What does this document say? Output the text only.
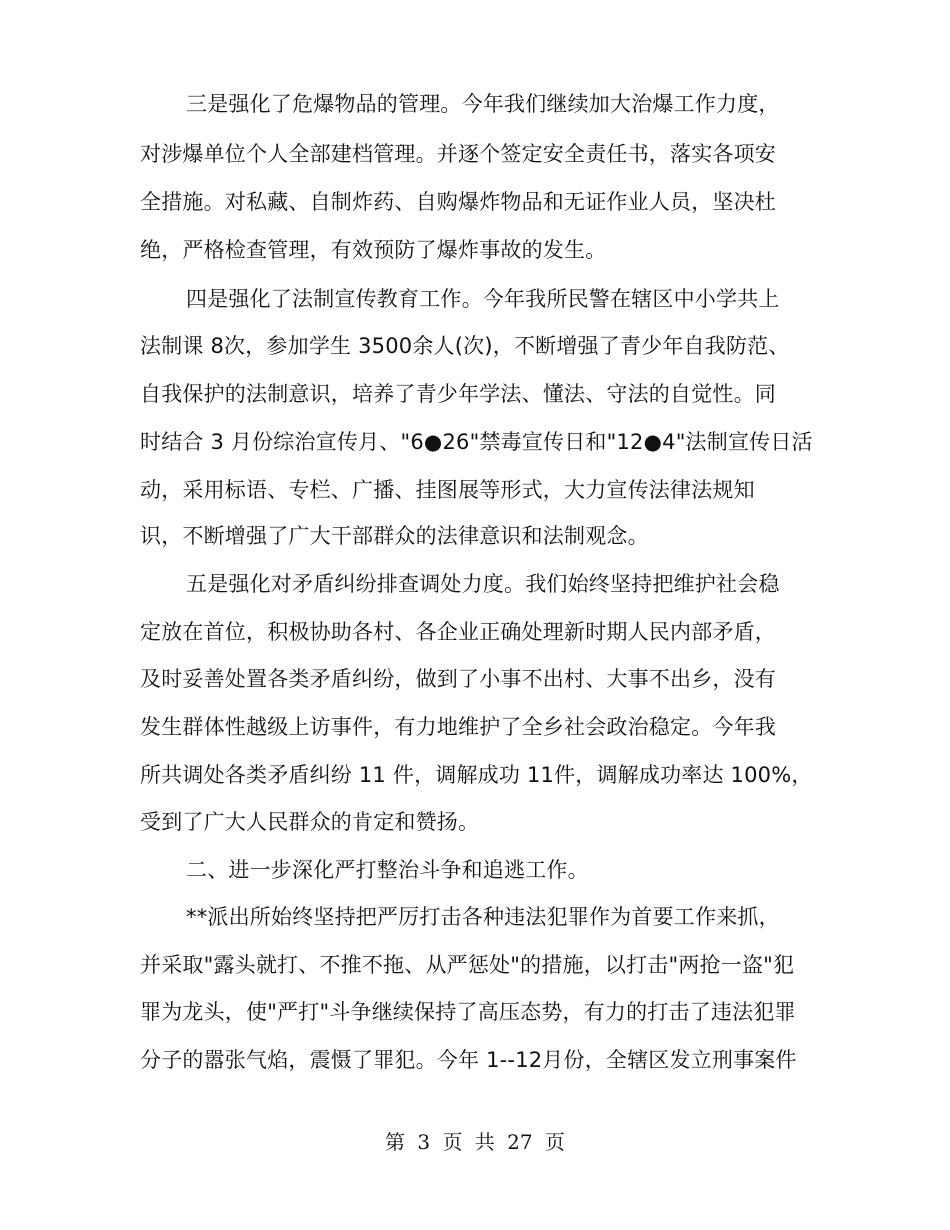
三是强化了危爆物品的管理。今年我们继续加大治爆工作力度，
对涉爆单位个人全部建档管理。并逐个签定安全责任书，落实各项安
全措施。对私藏、自制炸药、自购爆炸物品和无证作业人员，坚决杜
绝，严格检查管理，有效预防了爆炸事故的发生。
四是强化了法制宣传教育工作。今年我所民警在辖区中小学共上
法制课 8次，参加学生 3500余人(次)，不断增强了青少年自我防范、
自我保护的法制意识，培养了青少年学法、懂法、守法的自觉性。同
时结合 3 月份综治宣传月、"6●26"禁毒宣传日和"12●4"法制宣传日活
动，采用标语、专栏、广播、挂图展等形式，大力宣传法律法规知
识，不断增强了广大干部群众的法律意识和法制观念。
五是强化对矛盾纠纷排查调处力度。我们始终坚持把维护社会稳
定放在首位，积极协助各村、各企业正确处理新时期人民内部矛盾，
及时妥善处置各类矛盾纠纷，做到了小事不出村、大事不出乡，没有
发生群体性越级上访事件，有力地维护了全乡社会政治稳定。今年我
所共调处各类矛盾纠纷 11 件，调解成功 11件，调解成功率达 100%，
受到了广大人民群众的肯定和赞扬。
二、进一步深化严打整治斗争和追逃工作。
**派出所始终坚持把严厉打击各种违法犯罪作为首要工作来抓，
并采取"露头就打、不推不拖、从严惩处"的措施，以打击"两抢一盗"犯
罪为龙头，使"严打"斗争继续保持了高压态势，有力的打击了违法犯罪
分子的嚣张气焰，震慑了罪犯。今年 1--12月份，全辖区发立刑事案件
第 3 页 共 27 页
